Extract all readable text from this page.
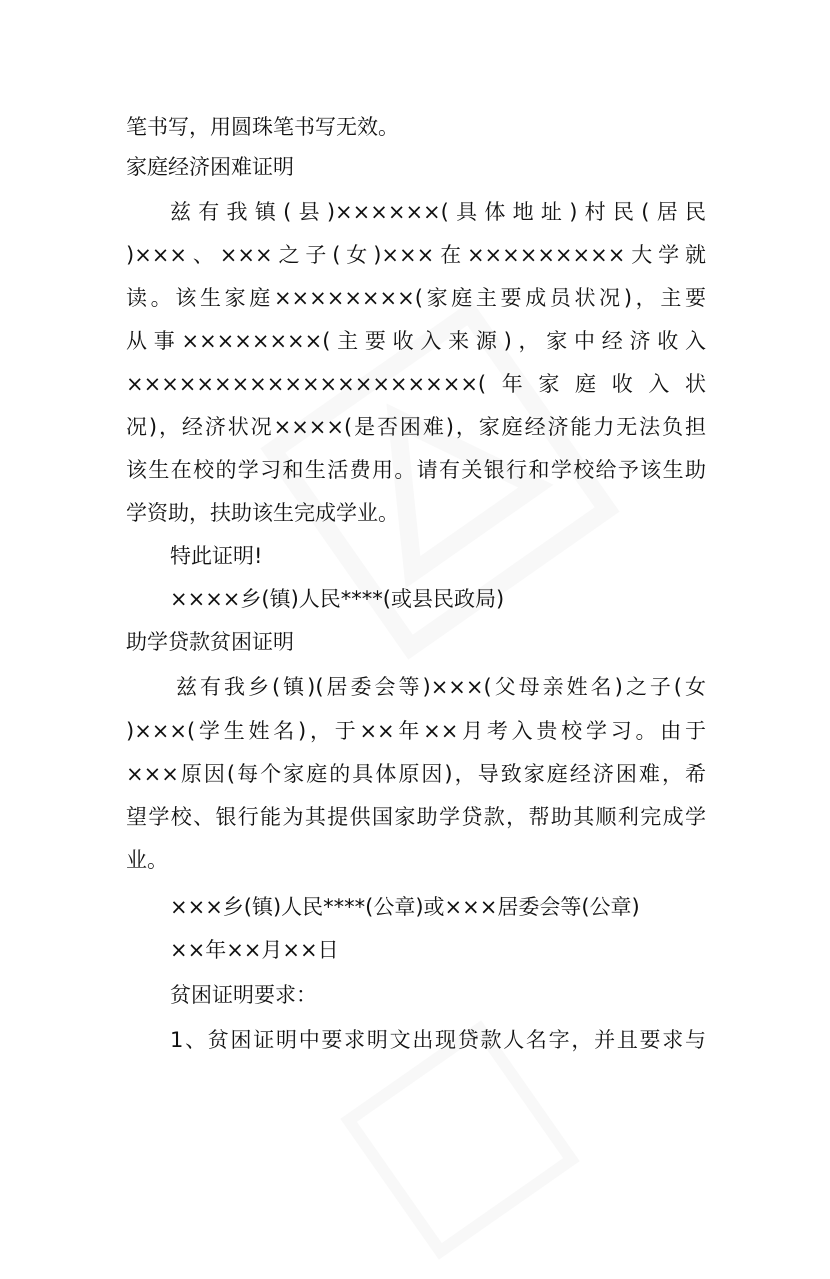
笔书写，用圆珠笔书写无效。
家庭经济困难证明
兹有我镇(县)××××××(具体地址)村民(居民
)×××、×××之子(女)×××在×××××××××大学就
读。该生家庭××××××××(家庭主要成员状况)，主要
从事××××××××(主要收入来源)，家中经济收入
××××××××××××××××××××(年家庭收入状
况)，经济状况××××(是否困难)，家庭经济能力无法负担
该生在校的学习和生活费用。请有关银行和学校给予该生助
学资助，扶助该生完成学业。
特此证明!
××××乡(镇)人民****(或县民政局)
助学贷款贫困证明
兹有我乡(镇)(居委会等)×××(父母亲姓名)之子(女
)×××(学生姓名)，于××年××月考入贵校学习。由于
×××原因(每个家庭的具体原因)，导致家庭经济困难，希
望学校、银行能为其提供国家助学贷款，帮助其顺利完成学
业。
×××乡(镇)人民****(公章)或×××居委会等(公章)
××年××月××日
贫困证明要求：
1、贫困证明中要求明文出现贷款人名字，并且要求与
